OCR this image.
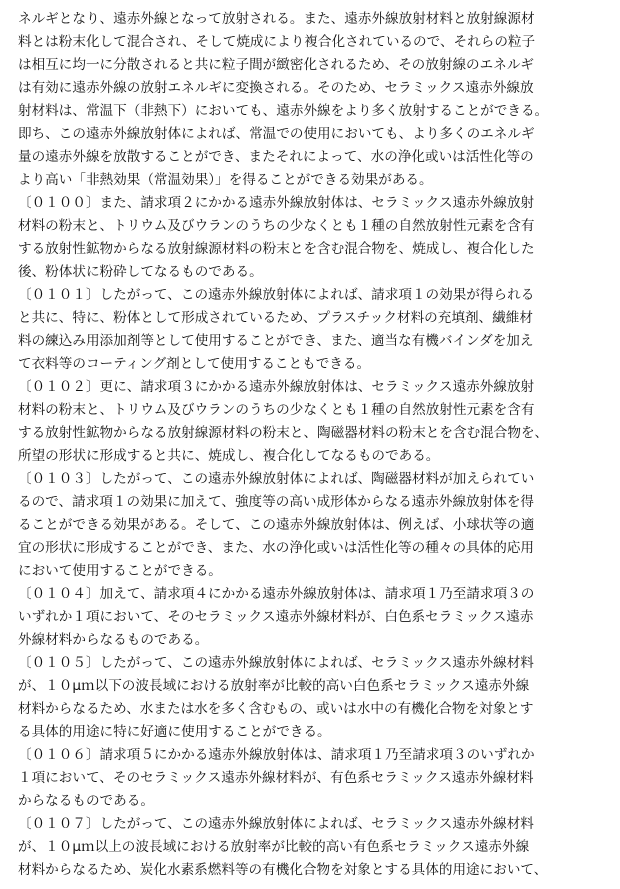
ネルギとなり、遠赤外線となって放射される。また、遠赤外線放射材料と放射線源材
料とは粉末化して混合され、そして焼成により複合化されているので、それらの粒子
は相互に均一に分散されると共に粒子間が緻密化されるため、その放射線のエネルギ
は有効に遠赤外線の放射エネルギに変換される。そのため、セラミックス遠赤外線放
射材料は、常温下（非熱下）においても、遠赤外線をより多く放射することができる。
即ち、この遠赤外線放射体によれば、常温での使用においても、より多くのエネルギ
量の遠赤外線を放散することができ、またそれによって、水の浄化或いは活性化等の
より高い「非熱効果（常温効果）」を得ることができる効果がある。
〔０１００〕また、請求項２にかかる遠赤外線放射体は、セラミックス遠赤外線放射
材料の粉末と、トリウム及びウランのうちの少なくとも１種の自然放射性元素を含有
する放射性鉱物からなる放射線源材料の粉末とを含む混合物を、焼成し、複合化した
後、粉体状に粉砕してなるものである。
〔０１０１〕したがって、この遠赤外線放射体によれば、請求項１の効果が得られる
と共に、特に、粉体として形成されているため、プラスチック材料の充填剤、繊維材
料の練込み用添加剤等として使用することができ、また、適当な有機バインダを加え
て衣料等のコーティング剤として使用することもできる。
〔０１０２〕更に、請求項３にかかる遠赤外線放射体は、セラミックス遠赤外線放射
材料の粉末と、トリウム及びウランのうちの少なくとも１種の自然放射性元素を含有
する放射性鉱物からなる放射線源材料の粉末と、陶磁器材料の粉末とを含む混合物を、
所望の形状に形成すると共に、焼成し、複合化してなるものである。
〔０１０３〕したがって、この遠赤外線放射体によれば、陶磁器材料が加えられてい
るので、請求項１の効果に加えて、強度等の高い成形体からなる遠赤外線放射体を得
ることができる効果がある。そして、この遠赤外線放射体は、例えば、小球状等の適
宜の形状に形成することができ、また、水の浄化或いは活性化等の種々の具体的応用
において使用することができる。
〔０１０４〕加えて、請求項４にかかる遠赤外線放射体は、請求項１乃至請求項３の
いずれか１項において、そのセラミックス遠赤外線材料が、白色系セラミックス遠赤
外線材料からなるものである。
〔０１０５〕したがって、この遠赤外線放射体によれば、セラミックス遠赤外線材料
が、１０μｍ以下の波長域における放射率が比較的高い白色系セラミックス遠赤外線
材料からなるため、水または水を多く含むもの、或いは水中の有機化合物を対象とす
る具体的用途に特に好適に使用することができる。
〔０１０６〕請求項５にかかる遠赤外線放射体は、請求項１乃至請求項３のいずれか
１項において、そのセラミックス遠赤外線材料が、有色系セラミックス遠赤外線材料
からなるものである。
〔０１０７〕したがって、この遠赤外線放射体によれば、セラミックス遠赤外線材料
が、１０μｍ以上の波長域における放射率が比較的高い有色系セラミックス遠赤外線
材料からなるため、炭化水素系燃料等の有機化合物を対象とする具体的用途において、
